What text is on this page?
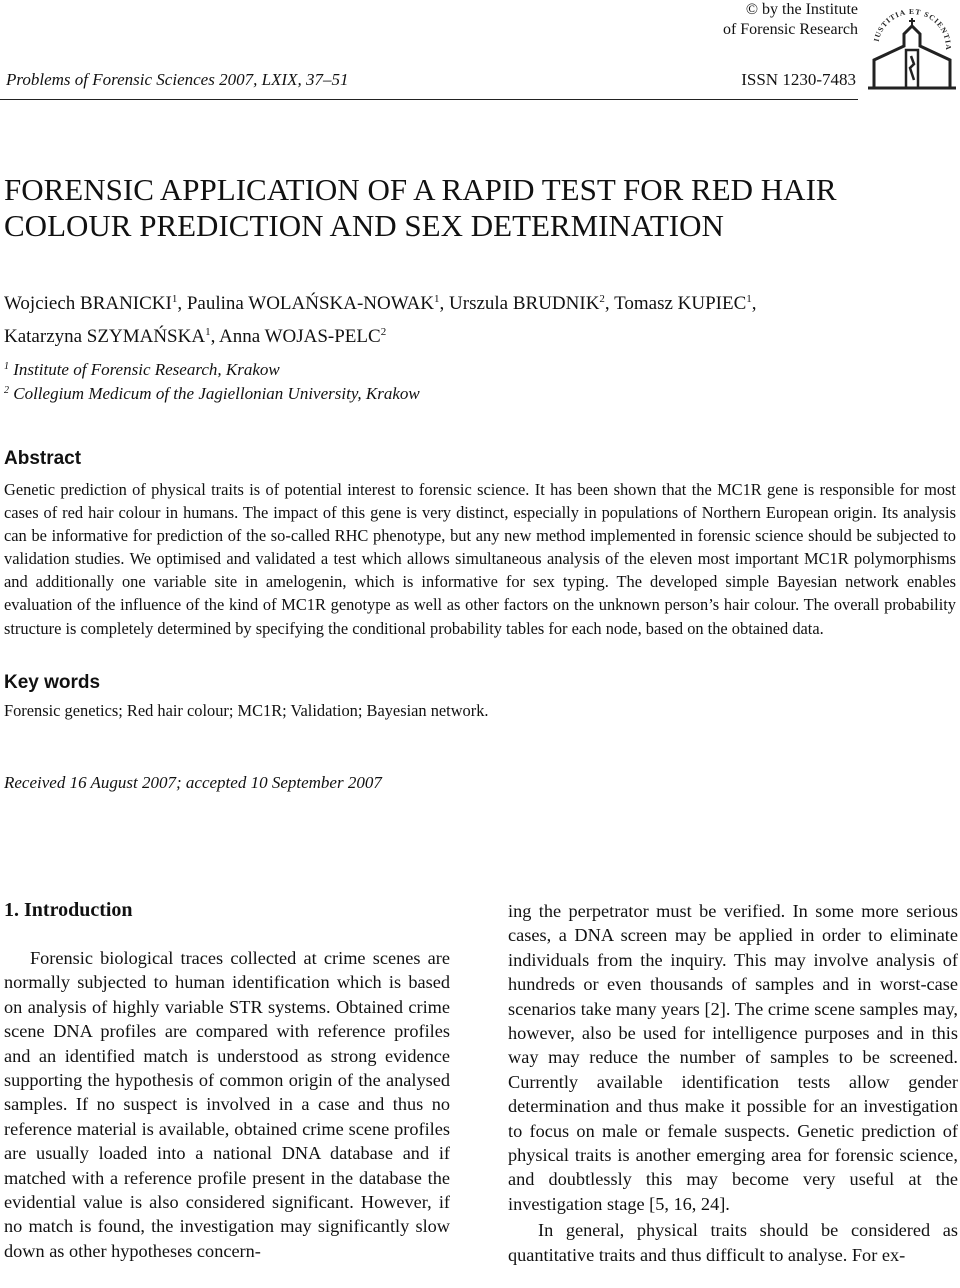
© by the Institute
of Forensic Research
IUSTITIA ET SCIENTIA
Problems of Forensic Sciences 2007, LXIX, 37–51	ISSN 1230-7483
FORENSIC APPLICATION OF A RAPID TEST FOR RED HAIR
COLOUR PREDICTION AND SEX DETERMINATION
Wojciech BRANICKI$^1$, Paulina WOLAŃSKA-NOWAK$^1$, Urszula BRUDNIK$^2$, Tomasz KUPIEC$^1$,
Katarzyna SZYMAŃSKA$^1$, Anna WOJAS-PELC$^2$
$^1$ Institute of Forensic Research, Krakow
$^2$ Collegium Medicum of the Jagiellonian University, Krakow
Abstract
Genetic prediction of physical traits is of potential interest to forensic science. It has been shown that the MC1R gene is responsible for most cases of red hair colour in humans. The impact of this gene is very distinct, especially in populations of Northern European origin. Its analysis can be informative for prediction of the so-called RHC phenotype, but any new method implemented in forensic science should be subjected to validation studies. We optimised and validated a test which allows simultaneous analysis of the eleven most important MC1R polymorphisms and additionally one variable site in amelogenin, which is informative for sex typing. The developed simple Bayesian network enables evaluation of the influence of the kind of MC1R genotype as well as other factors on the unknown person’s hair colour. The overall probability structure is completely determined by specifying the conditional probability tables for each node, based on the obtained data.
Key words
Forensic genetics; Red hair colour; MC1R; Validation; Bayesian network.
Received 16 August 2007; accepted 10 September 2007
1. Introduction

Forensic biological traces collected at crime scenes are normally subjected to human identification which is based on analysis of highly variable STR systems. Obtained crime scene DNA profiles are compared with reference profiles and an identified match is understood as strong evidence supporting the hypothesis of common origin of the analysed samples. If no suspect is involved in a case and thus no reference material is available, obtained crime scene profiles are usually loaded into a national DNA database and if matched with a reference profile present in the database the evidential value is also considered significant. However, if no match is found, the investigation may significantly slow down as other hypotheses concern-

ing the perpetrator must be verified. In some more serious cases, a DNA screen may be applied in order to eliminate individuals from the inquiry. This may involve analysis of hundreds or even thousands of samples and in worst-case scenarios take many years [2]. The crime scene samples may, however, also be used for intelligence purposes and in this way may reduce the number of samples to be screened. Currently available identification tests allow gender determination and thus make it possible for an investigation to focus on male or female suspects. Genetic prediction of physical traits is another emerging area for forensic science, and doubtlessly this may become very useful at the investigation stage [5, 16, 24].

In general, physical traits should be considered as quantitative traits and thus difficult to analyse. For ex-
